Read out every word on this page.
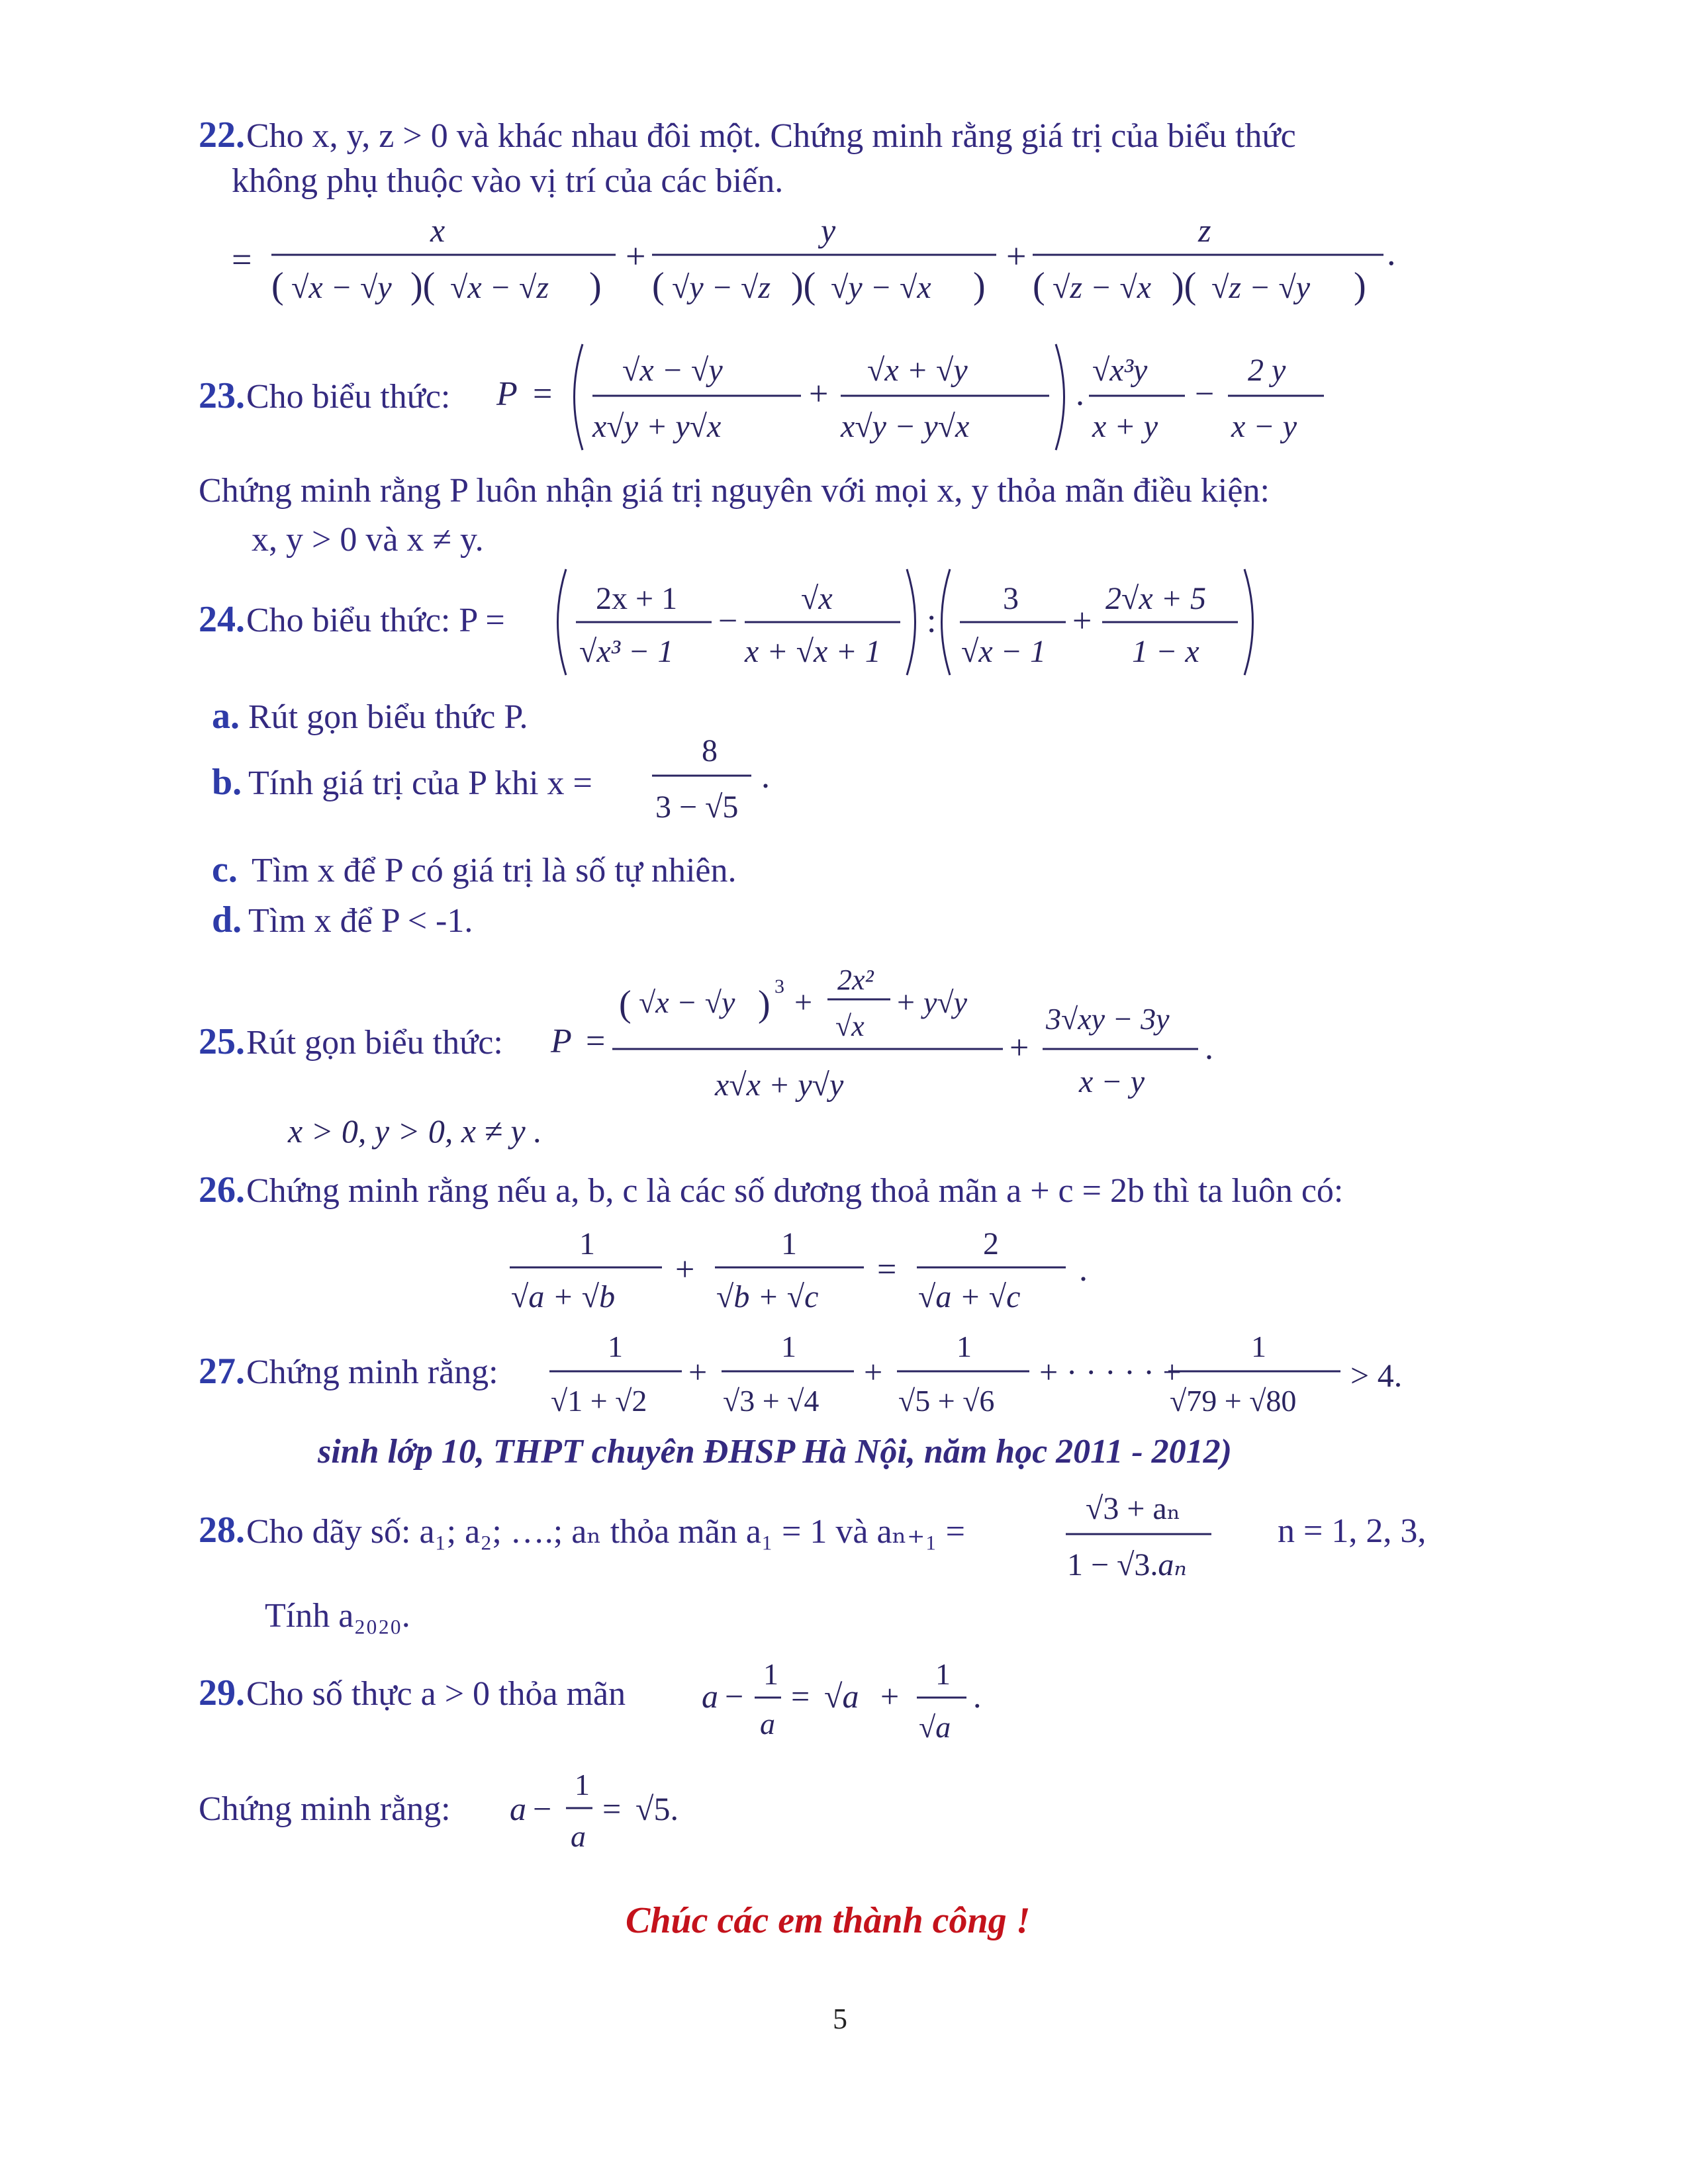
22. Cho x, y, z > 0 và khác nhau đôi một. Chứng minh rằng giá trị của biểu thức
không phụ thuộc vào vị trí của các biến.
=
x
( √x − √y )( √x − √z )
+
y
( √y − √z )( √y − √x )
+
z
( √z − √x )( √z − √y )
.
23. Cho biểu thức: P =
√x − √y
x√y + y√x
+
√x + √y
x√y − y√x
.
√x³y
x + y
−
2 y
x − y
Chứng minh rằng P luôn nhận giá trị nguyên với mọi x, y thỏa mãn điều kiện:
x, y > 0 và x ≠ y.
24. Cho biểu thức: P =
2x + 1
√x³ − 1
−
√x
x + √x + 1
:
3
√x − 1
+
2√x + 5
1 − x
a. Rút gọn biểu thức P.
b. Tính giá trị của P khi x =
8
3 − √5
.
c. Tìm x để P có giá trị là số tự nhiên.
d. Tìm x để P < -1.
25. Rút gọn biểu thức: P =
( √x − √y ) 3 +
2x²
√x
+ y√y
x√x + y√y
+
3√xy − 3y
x − y
.
x > 0, y > 0, x ≠ y .
26. Chứng minh rằng nếu a, b, c là các số dương thoả mãn a + c = 2b thì ta luôn có:
1
√a + √b
+
1
√b + √c
=
2
√a + √c
.
27. Chứng minh rằng:
1
√1 + √2
+
1
√3 + √4
+
1
√5 + √6
+ · · · · · +
1
√79 + √80
> 4.
sinh lớp 10, THPT chuyên ĐHSP Hà Nội, năm học 2011 - 2012)
28. Cho dãy số: a₁; a₂; ….; aₙ thỏa mãn a₁ = 1 và aₙ₊₁ =
√3 + aₙ
1 − √3.aₙ
n = 1, 2, 3,
Tính a₂₀₂₀.
29. Cho số thực a > 0 thỏa mãn a −
1
a
= √a +
1
√a
.
Chứng minh rằng: a −
1
a
= √5.
Chúc các em thành công !
5
